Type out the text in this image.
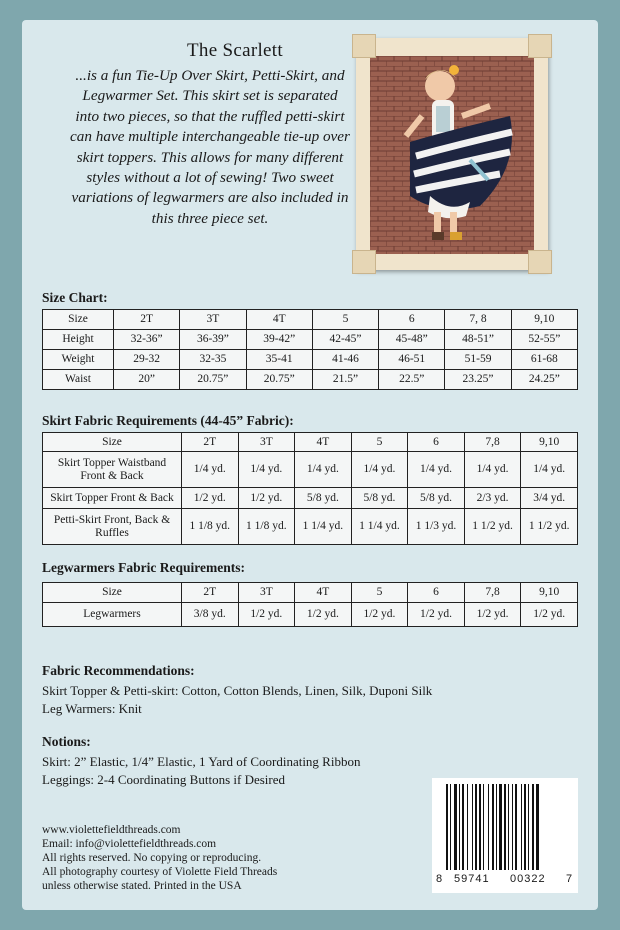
The Scarlett

...is a fun Tie-Up Over Skirt, Petti-Skirt, and Legwarmer Set. This skirt set is separated into two pieces, so that the ruffled petti-skirt can have multiple interchangeable tie-up over skirt toppers. This allows for many different styles without a lot of sewing! Two sweet variations of legwarmers are also included in this three piece set.

Size Chart:
Size	2T	3T	4T	5	6	7, 8	9,10
Height	32-36”	36-39”	39-42”	42-45”	45-48”	48-51”	52-55”
Weight	29-32	32-35	35-41	41-46	46-51	51-59	61-68
Waist	20”	20.75”	20.75”	21.5”	22.5”	23.25”	24.25”
Skirt Fabric Requirements (44-45” Fabric):
Size	2T	3T	4T	5	6	7,8	9,10
Skirt Topper Waistband Front & Back	1/4 yd.	1/4 yd.	1/4 yd.	1/4 yd.	1/4 yd.	1/4 yd.	1/4 yd.
Skirt Topper Front & Back	1/2 yd.	1/2 yd.	5/8 yd.	5/8 yd.	5/8 yd.	2/3 yd.	3/4 yd.
Petti-Skirt Front, Back & Ruffles	1 1/8 yd.	1 1/8 yd.	1 1/4 yd.	1 1/4 yd.	1 1/3 yd.	1 1/2 yd.	1 1/2 yd.
Legwarmers Fabric Requirements:
Size	2T	3T	4T	5	6	7,8	9,10
Legwarmers	3/8 yd.	1/2 yd.	1/2 yd.	1/2 yd.	1/2 yd.	1/2 yd.	1/2 yd.
Fabric Recommendations:
Skirt Topper & Petti-skirt: Cotton, Cotton Blends, Linen, Silk, Duponi Silk
Leg Warmers: Knit
Notions:
Skirt: 2” Elastic, 1/4” Elastic, 1 Yard of Coordinating Ribbon
Leggings: 2-4 Coordinating Buttons if Desired
www.violettefieldthreads.com
Email: info@violettefieldthreads.com
All rights reserved. No copying or reproducing.
All photography courtesy of Violette Field Threads
unless otherwise stated. Printed in the USA
8 59741 00322 7
